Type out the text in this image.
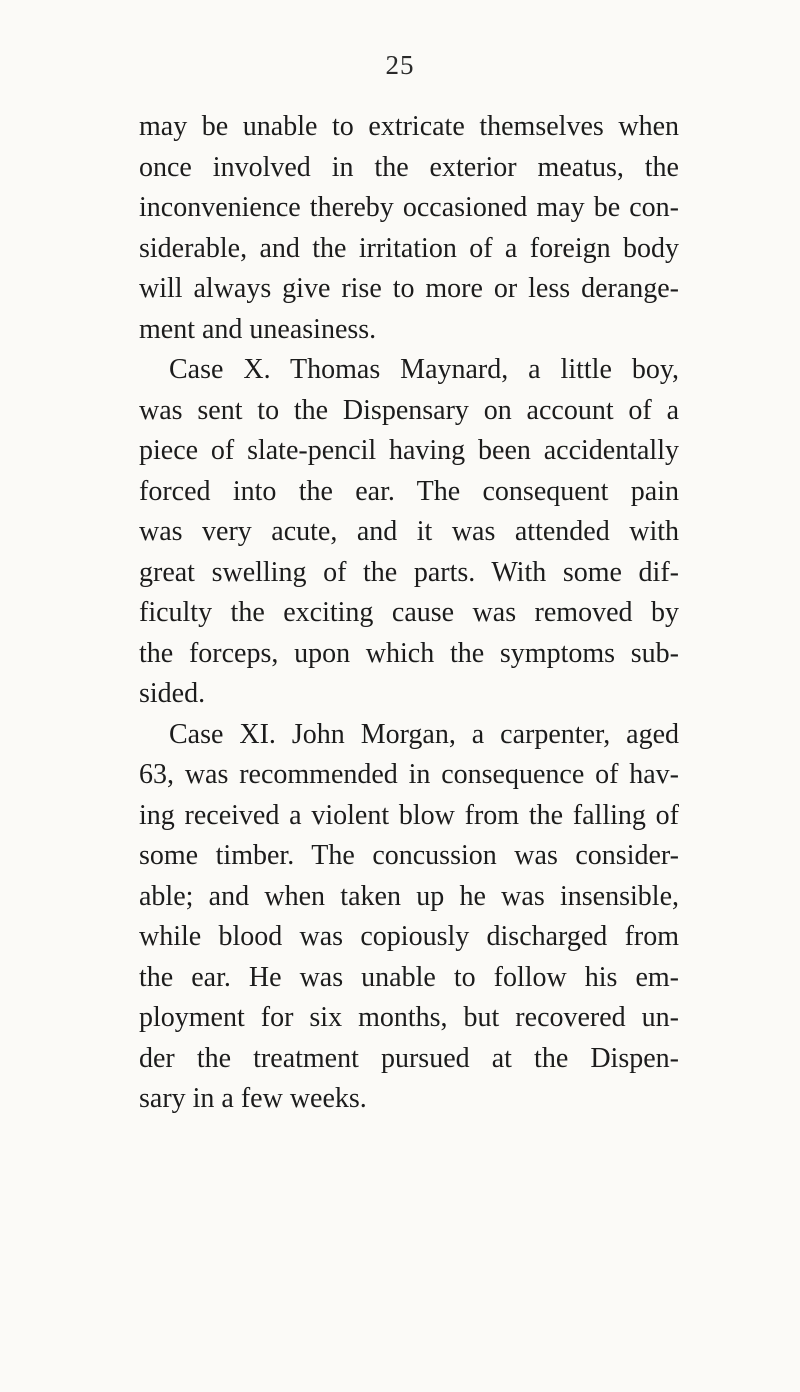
25
may be unable to extricate themselves when
once involved in the exterior meatus, the
inconvenience thereby occasioned may be con-
siderable, and the irritation of a foreign body
will always give rise to more or less derange-
ment and uneasiness.
Case X. Thomas Maynard, a little boy,
was sent to the Dispensary on account of a
piece of slate-pencil having been accidentally
forced into the ear. The consequent pain
was very acute, and it was attended with
great swelling of the parts. With some dif-
ficulty the exciting cause was removed by
the forceps, upon which the symptoms sub-
sided.
Case XI. John Morgan, a carpenter, aged
63, was recommended in consequence of hav-
ing received a violent blow from the falling of
some timber. The concussion was consider-
able; and when taken up he was insensible,
while blood was copiously discharged from
the ear. He was unable to follow his em-
ployment for six months, but recovered un-
der the treatment pursued at the Dispen-
sary in a few weeks.
